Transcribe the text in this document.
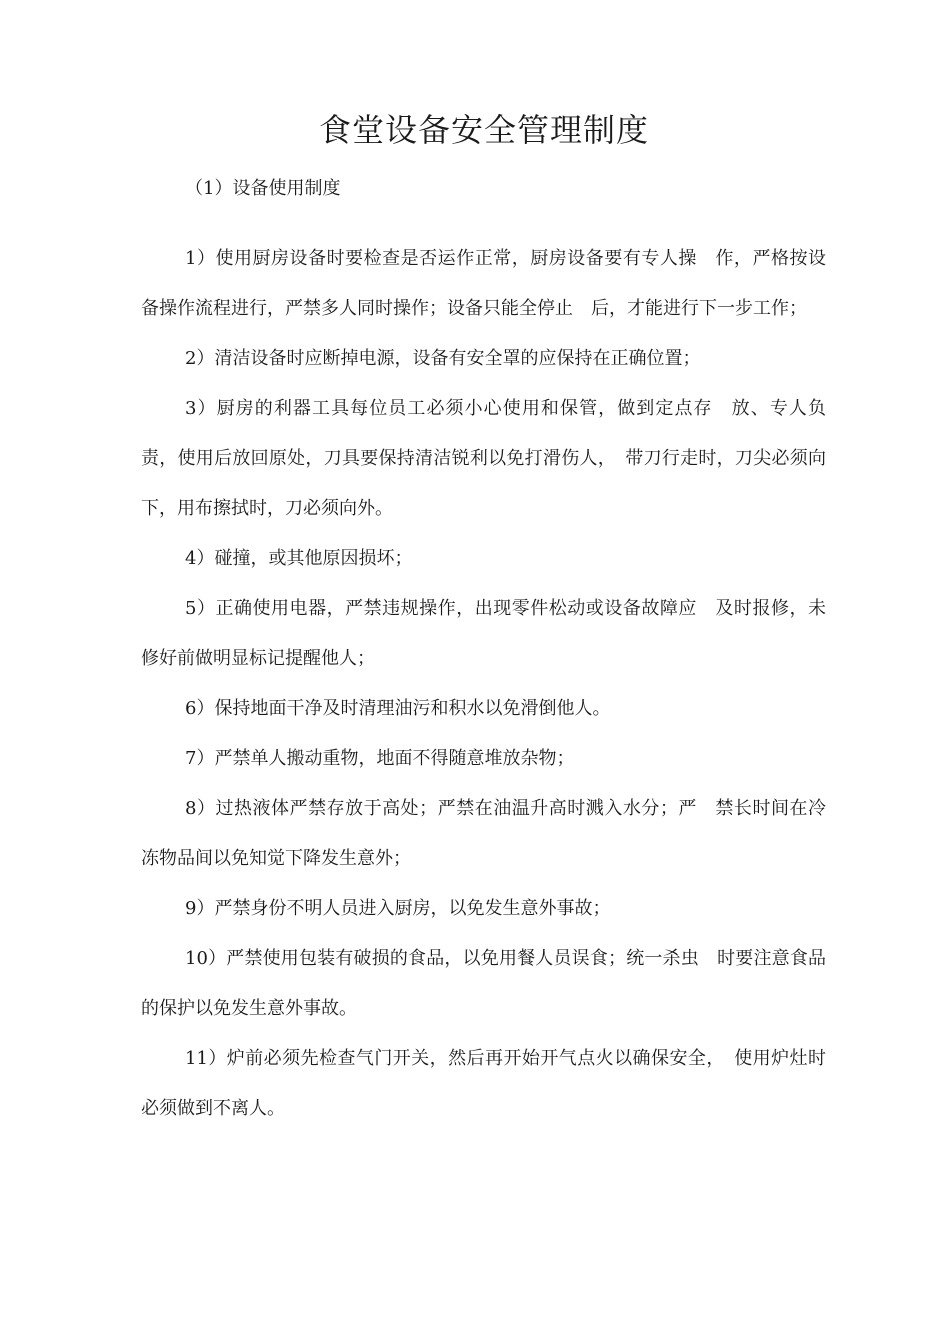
食堂设备安全管理制度

（1）设备使用制度

1）使用厨房设备时要检查是否运作正常，厨房设备要有专人操　作，严格按设备操作流程进行，严禁多人同时操作；设备只能全停止　后，才能进行下一步工作；

2）清洁设备时应断掉电源，设备有安全罩的应保持在正确位置；

3）厨房的利器工具每位员工必须小心使用和保管，做到定点存　放、专人负责，使用后放回原处，刀具要保持清洁锐利以免打滑伤人，　带刀行走时，刀尖必须向下，用布擦拭时，刀必须向外。

4）碰撞，或其他原因损坏；

5）正确使用电器，严禁违规操作，出现零件松动或设备故障应　及时报修，未修好前做明显标记提醒他人；

6）保持地面干净及时清理油污和积水以免滑倒他人。

7）严禁单人搬动重物，地面不得随意堆放杂物；

8）过热液体严禁存放于高处；严禁在油温升高时溅入水分；严　禁长时间在冷冻物品间以免知觉下降发生意外；

9）严禁身份不明人员进入厨房，以免发生意外事故；

10）严禁使用包装有破损的食品，以免用餐人员误食；统一杀虫　时要注意食品的保护以免发生意外事故。

11）炉前必须先检查气门开关，然后再开始开气点火以确保安全，　使用炉灶时必须做到不离人。
